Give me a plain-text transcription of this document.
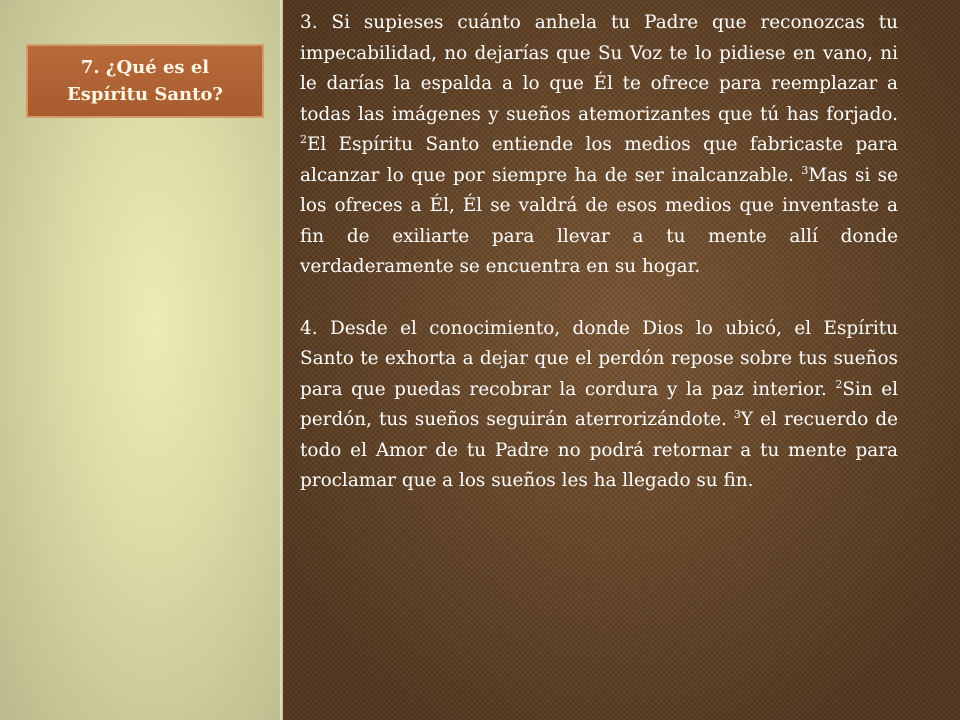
7. ¿Qué es el
Espíritu Santo?

3. Si supieses cuánto anhela tu Padre que reconozcas tu impecabilidad, no dejarías que Su Voz te lo pidiese en vano, ni le darías la espalda a lo que Él te ofrece para reemplazar a todas las imágenes y sueños atemorizantes que tú has forjado. $^2$El Espíritu Santo entiende los medios que fabricaste para alcanzar lo que por siempre ha de ser inalcanzable. $^3$Mas si se los ofreces a Él, Él se valdrá de esos medios que inventaste a fin de exiliarte para llevar a tu mente allí donde verdaderamente se encuentra en su hogar.

4. Desde el conocimiento, donde Dios lo ubicó, el Espíritu Santo te exhorta a dejar que el perdón repose sobre tus sueños para que puedas recobrar la cordura y la paz interior. $^2$Sin el perdón, tus sueños seguirán aterrorizándote. $^3$Y el recuerdo de todo el Amor de tu Padre no podrá retornar a tu mente para proclamar que a los sueños les ha llegado su fin.
